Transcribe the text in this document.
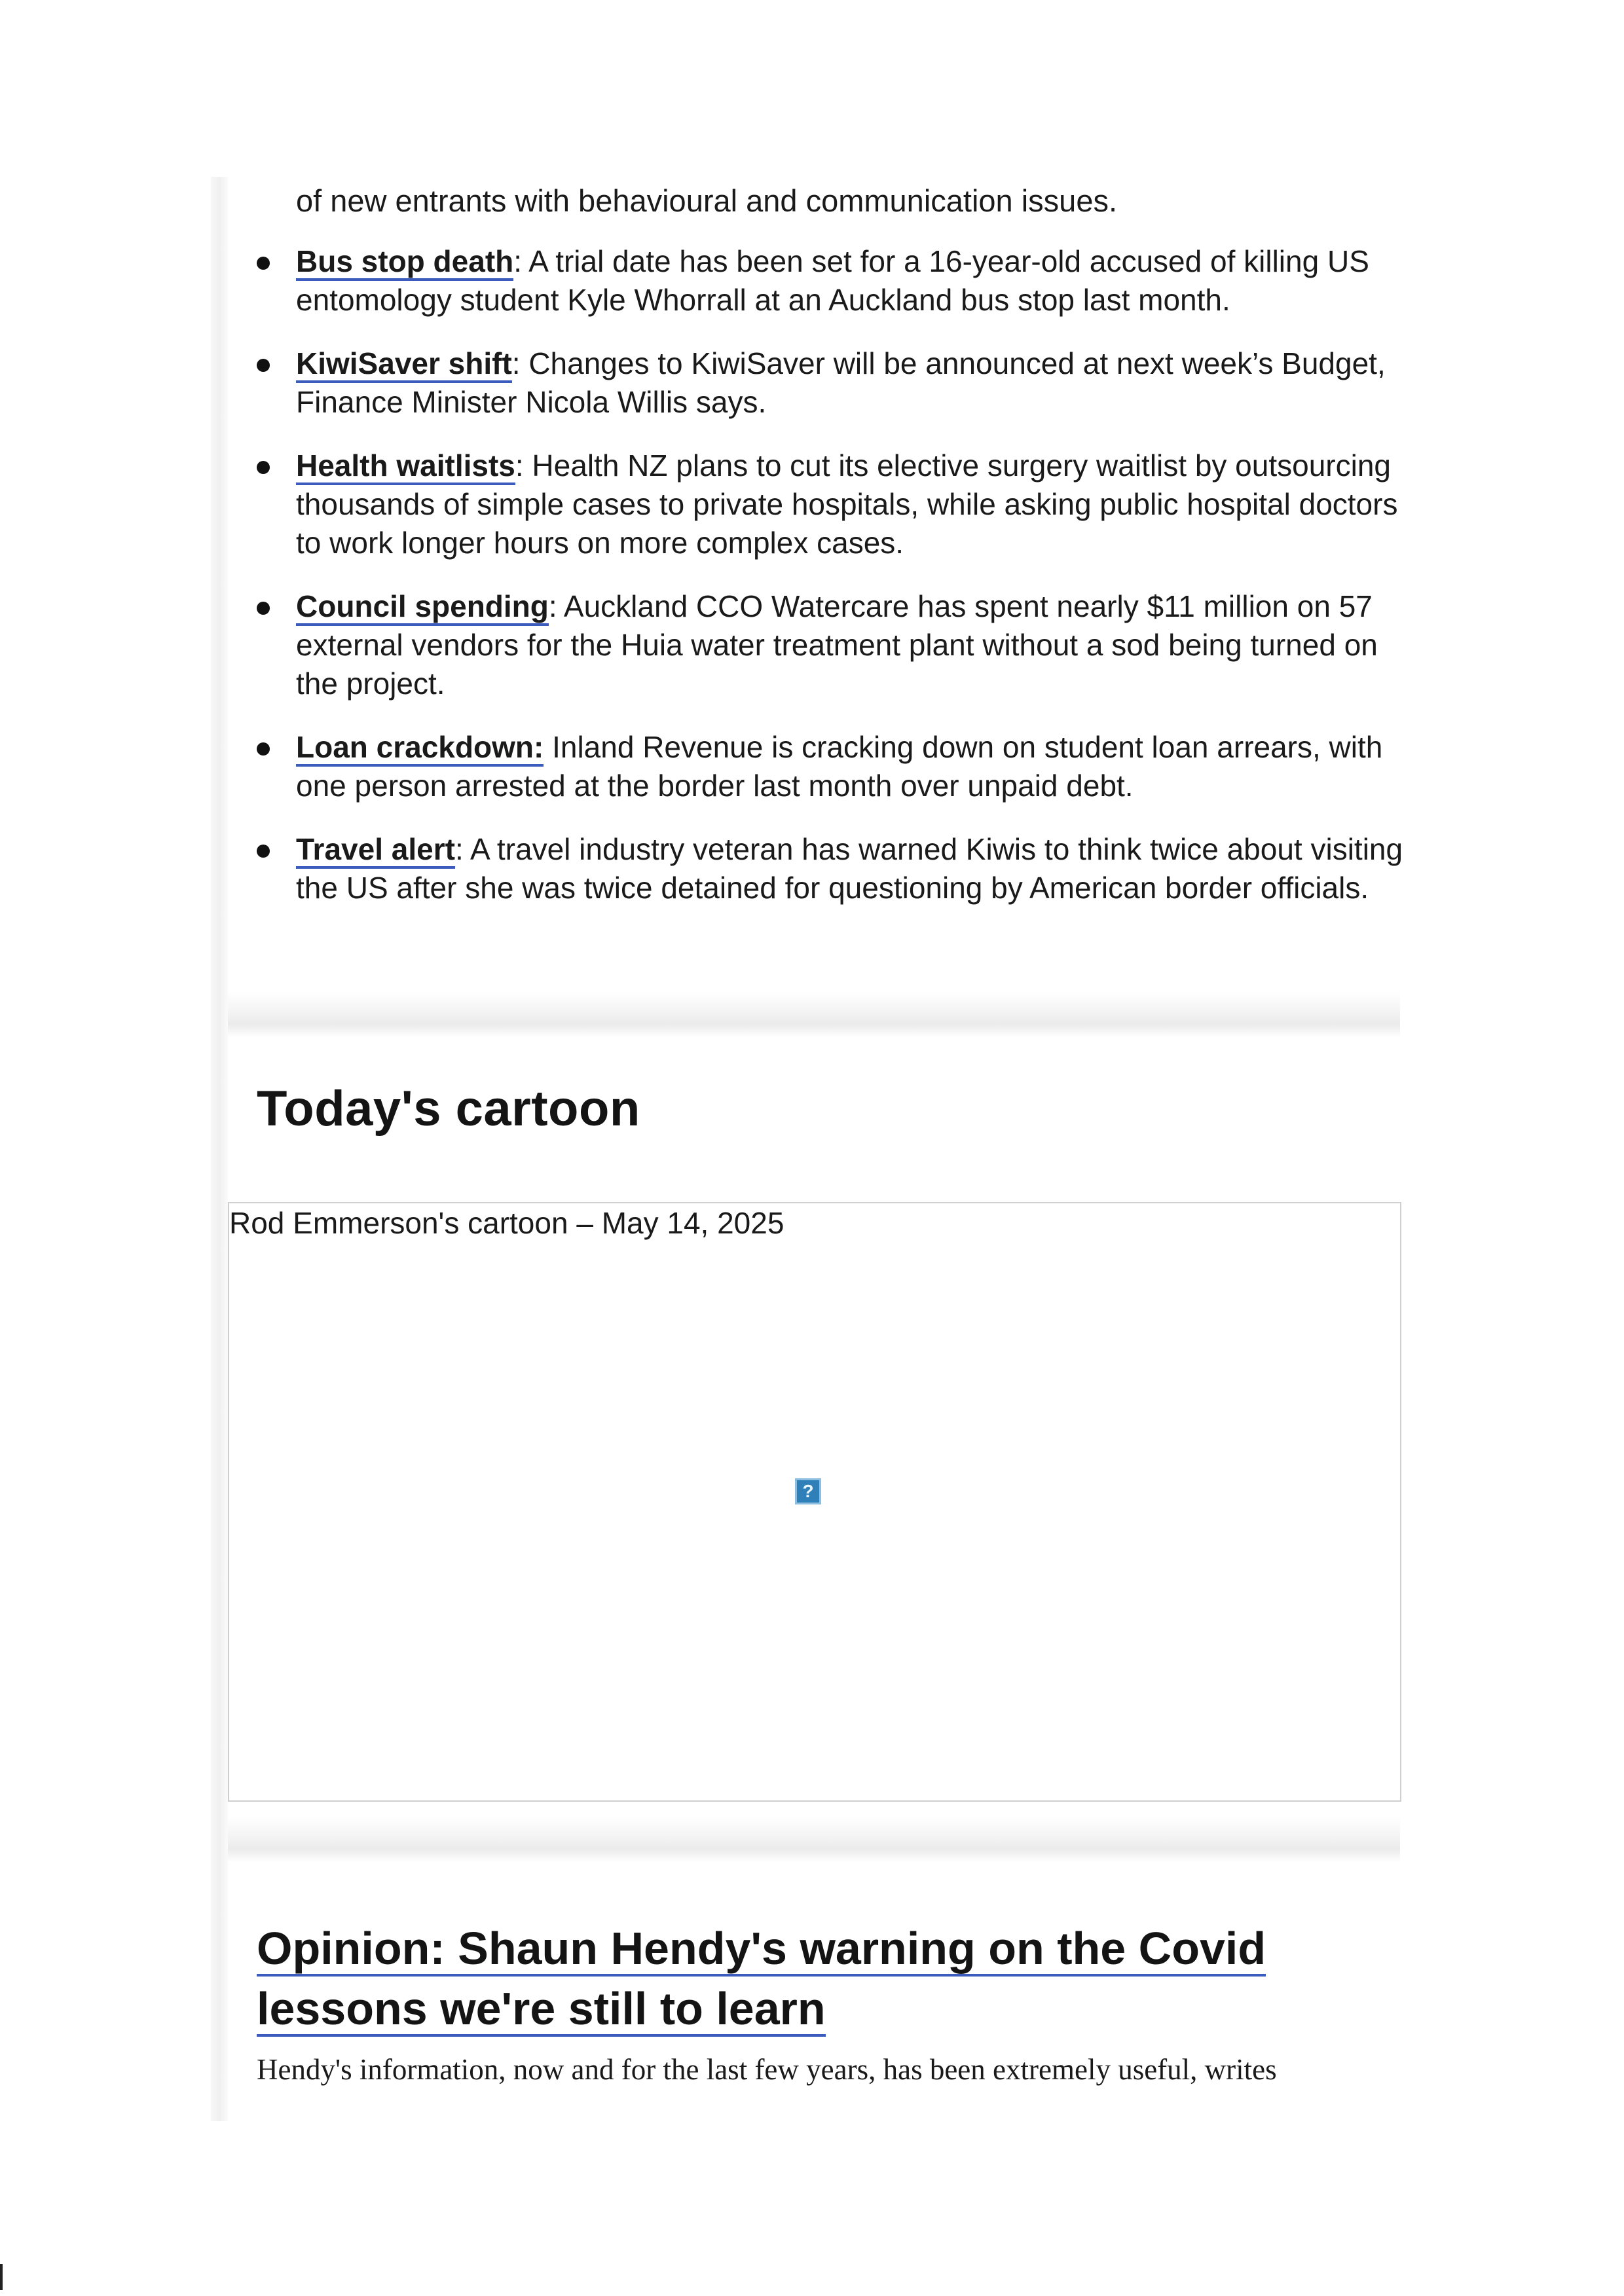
of new entrants with behavioural and communication issues.

Bus stop death: A trial date has been set for a 16-year-old accused of killing US entomology student Kyle Whorrall at an Auckland bus stop last month.
KiwiSaver shift: Changes to KiwiSaver will be announced at next week’s Budget, Finance Minister Nicola Willis says.
Health waitlists: Health NZ plans to cut its elective surgery waitlist by outsourcing thousands of simple cases to private hospitals, while asking public hospital doctors to work longer hours on more complex cases.
Council spending: Auckland CCO Watercare has spent nearly $11 million on 57 external vendors for the Huia water treatment plant without a sod being turned on the project.
Loan crackdown: Inland Revenue is cracking down on student loan arrears, with one person arrested at the border last month over unpaid debt.
Travel alert: A travel industry veteran has warned Kiwis to think twice about visiting the US after she was twice detained for questioning by American border officials.
Today's cartoon

Rod Emmerson's cartoon – May 14, 2025

?
Opinion: Shaun Hendy's warning on the Covid lessons we're still to learn

Hendy's information, now and for the last few years, has been extremely useful, writes
